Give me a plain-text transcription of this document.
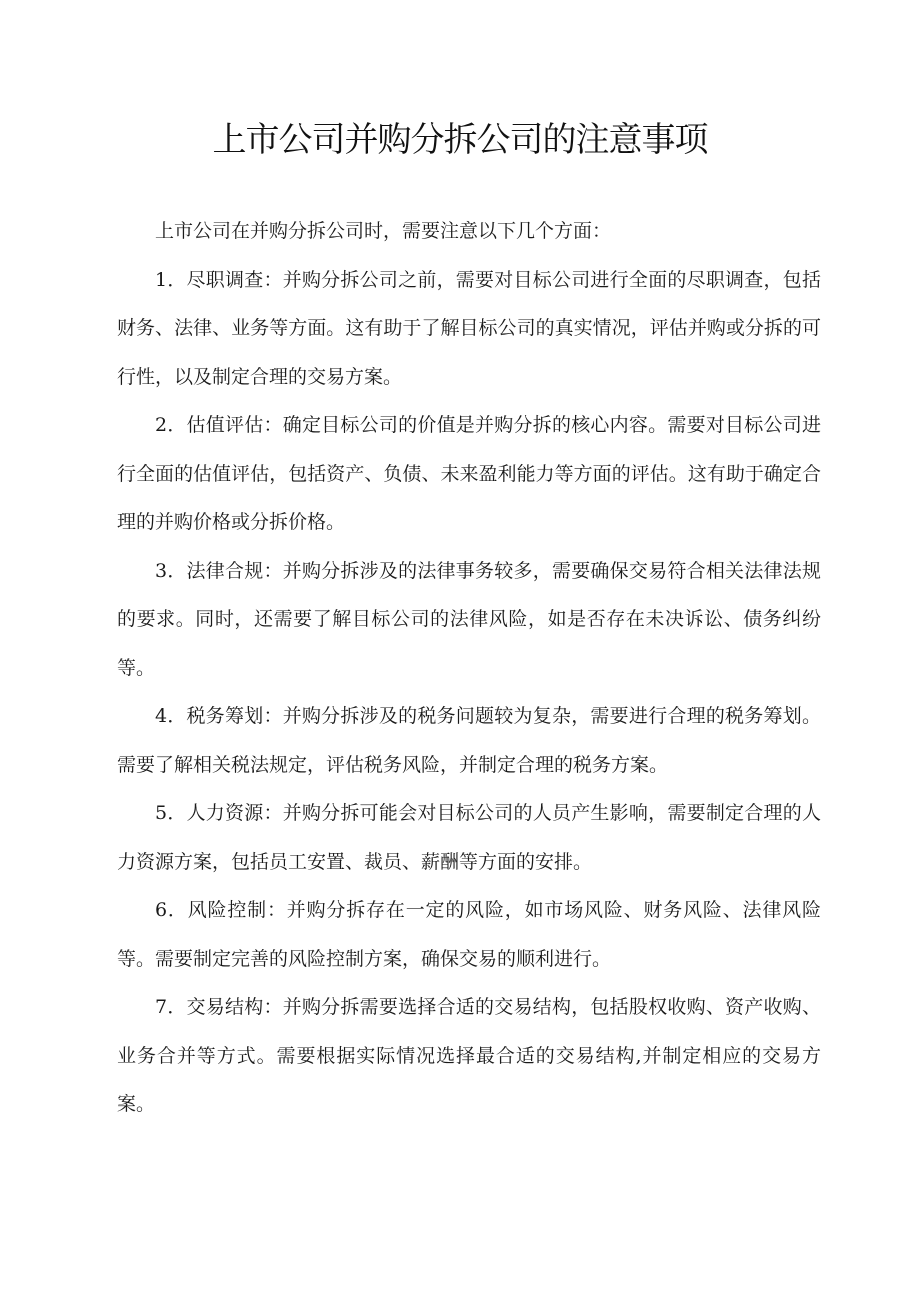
上市公司并购分拆公司的注意事项

上市公司在并购分拆公司时，需要注意以下几个方面：

1．尽职调查：并购分拆公司之前，需要对目标公司进行全面的尽职调查，包括财务、法律、业务等方面。这有助于了解目标公司的真实情况，评估并购或分拆的可行性，以及制定合理的交易方案。

2．估值评估：确定目标公司的价值是并购分拆的核心内容。需要对目标公司进行全面的估值评估，包括资产、负债、未来盈利能力等方面的评估。这有助于确定合理的并购价格或分拆价格。

3．法律合规：并购分拆涉及的法律事务较多，需要确保交易符合相关法律法规的要求。同时，还需要了解目标公司的法律风险，如是否存在未决诉讼、债务纠纷等。

4．税务筹划：并购分拆涉及的税务问题较为复杂，需要进行合理的税务筹划。需要了解相关税法规定，评估税务风险，并制定合理的税务方案。

5．人力资源：并购分拆可能会对目标公司的人员产生影响，需要制定合理的人力资源方案，包括员工安置、裁员、薪酬等方面的安排。

6．风险控制：并购分拆存在一定的风险，如市场风险、财务风险、法律风险等。需要制定完善的风险控制方案，确保交易的顺利进行。

7．交易结构：并购分拆需要选择合适的交易结构，包括股权收购、资产收购、业务合并等方式。需要根据实际情况选择最合适的交易结构,并制定相应的交易方案。
